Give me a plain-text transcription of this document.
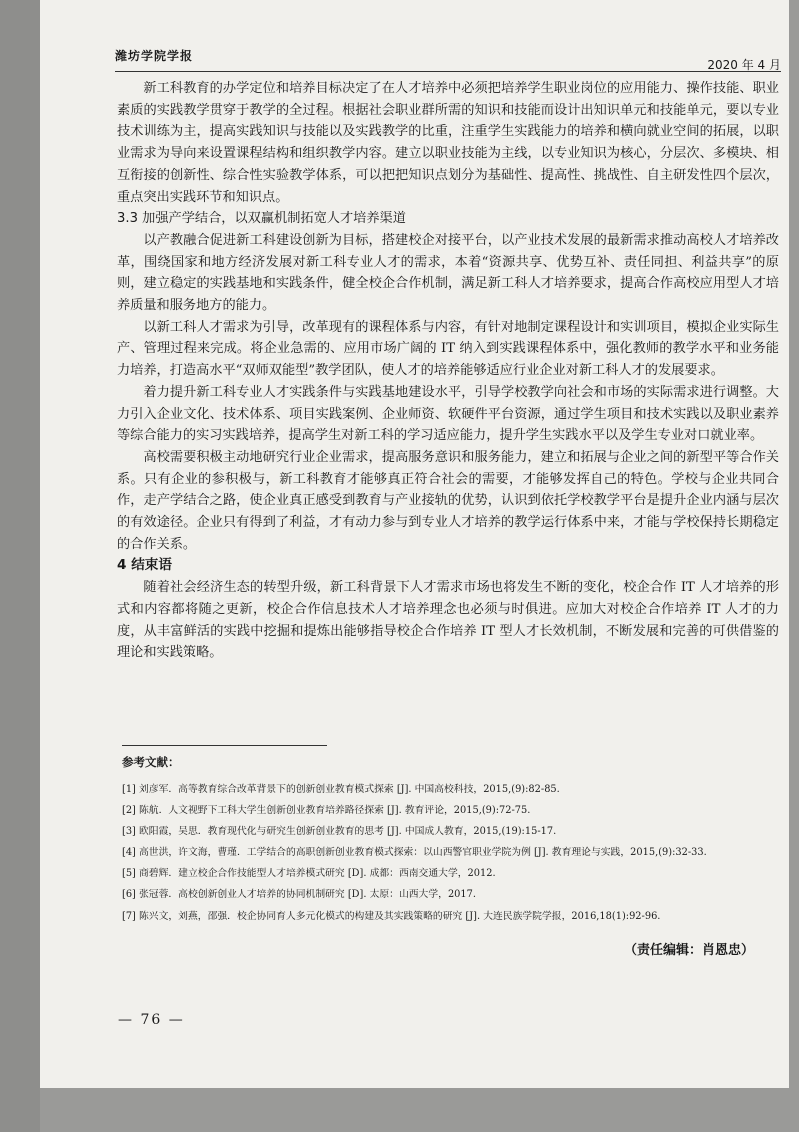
潍坊学院学报
2020 年 4 月

新工科教育的办学定位和培养目标决定了在人才培养中必须把培养学生职业岗位的应用能力、操作技能、职业素质的实践教学贯穿于教学的全过程。根据社会职业群所需的知识和技能而设计出知识单元和技能单元，要以专业技术训练为主，提高实践知识与技能以及实践教学的比重，注重学生实践能力的培养和横向就业空间的拓展，以职业需求为导向来设置课程结构和组织教学内容。建立以职业技能为主线，以专业知识为核心，分层次、多模块、相互衔接的创新性、综合性实验教学体系，可以把把知识点划分为基础性、提高性、挑战性、自主研发性四个层次，重点突出实践环节和知识点。

3.3 加强产学结合，以双赢机制拓宽人才培养渠道

以产教融合促进新工科建设创新为目标，搭建校企对接平台，以产业技术发展的最新需求推动高校人才培养改革，围绕国家和地方经济发展对新工科专业人才的需求，本着“资源共享、优势互补、责任同担、利益共享”的原则，建立稳定的实践基地和实践条件，健全校企合作机制，满足新工科人才培养要求，提高合作高校应用型人才培养质量和服务地方的能力。

以新工科人才需求为引导，改革现有的课程体系与内容，有针对地制定课程设计和实训项目，模拟企业实际生产、管理过程来完成。将企业急需的、应用市场广阔的 IT 纳入到实践课程体系中，强化教师的教学水平和业务能力培养，打造高水平“双师双能型”教学团队，使人才的培养能够适应行业企业对新工科人才的发展要求。

着力提升新工科专业人才实践条件与实践基地建设水平，引导学校教学向社会和市场的实际需求进行调整。大力引入企业文化、技术体系、项目实践案例、企业师资、软硬件平台资源，通过学生项目和技术实践以及职业素养等综合能力的实习实践培养，提高学生对新工科的学习适应能力，提升学生实践水平以及学生专业对口就业率。

高校需要积极主动地研究行业企业需求，提高服务意识和服务能力，建立和拓展与企业之间的新型平等合作关系。只有企业的参积极与，新工科教育才能够真正符合社会的需要，才能够发挥自己的特色。学校与企业共同合作，走产学结合之路，使企业真正感受到教育与产业接轨的优势，认识到依托学校教学平台是提升企业内涵与层次的有效途径。企业只有得到了利益，才有动力参与到专业人才培养的教学运行体系中来，才能与学校保持长期稳定的合作关系。

4 结束语

随着社会经济生态的转型升级，新工科背景下人才需求市场也将发生不断的变化，校企合作 IT 人才培养的形式和内容都将随之更新，校企合作信息技术人才培养理念也必须与时俱进。应加大对校企合作培养 IT 人才的力度，从丰富鲜活的实践中挖掘和提炼出能够指导校企合作培养 IT 型人才长效机制，不断发展和完善的可供借鉴的理论和实践策略。

参考文献：
[1] 刘彦军．高等教育综合改革背景下的创新创业教育模式探索 [J]. 中国高校科技，2015,(9):82-85.
[2] 陈航．人文视野下工科大学生创新创业教育培养路径探索 [J]. 教育评论，2015,(9):72-75.
[3] 欧阳霞，吴思．教育现代化与研究生创新创业教育的思考 [J]. 中国成人教育，2015,(19):15-17.
[4] 高世洪，许文海，曹瑾．工学结合的高职创新创业教育模式探索：以山西警官职业学院为例 [J]. 教育理论与实践，2015,(9):32-33.
[5] 商碧辉．建立校企合作技能型人才培养模式研究 [D]. 成都：西南交通大学，2012.
[6] 张冠蓉．高校创新创业人才培养的协同机制研究 [D]. 太原：山西大学，2017.
[7] 陈兴文，刘燕，邵强．校企协同育人多元化模式的构建及其实践策略的研究 [J]. 大连民族学院学报，2016,18(1):92-96.
（责任编辑：肖恩忠）
— 76 —
